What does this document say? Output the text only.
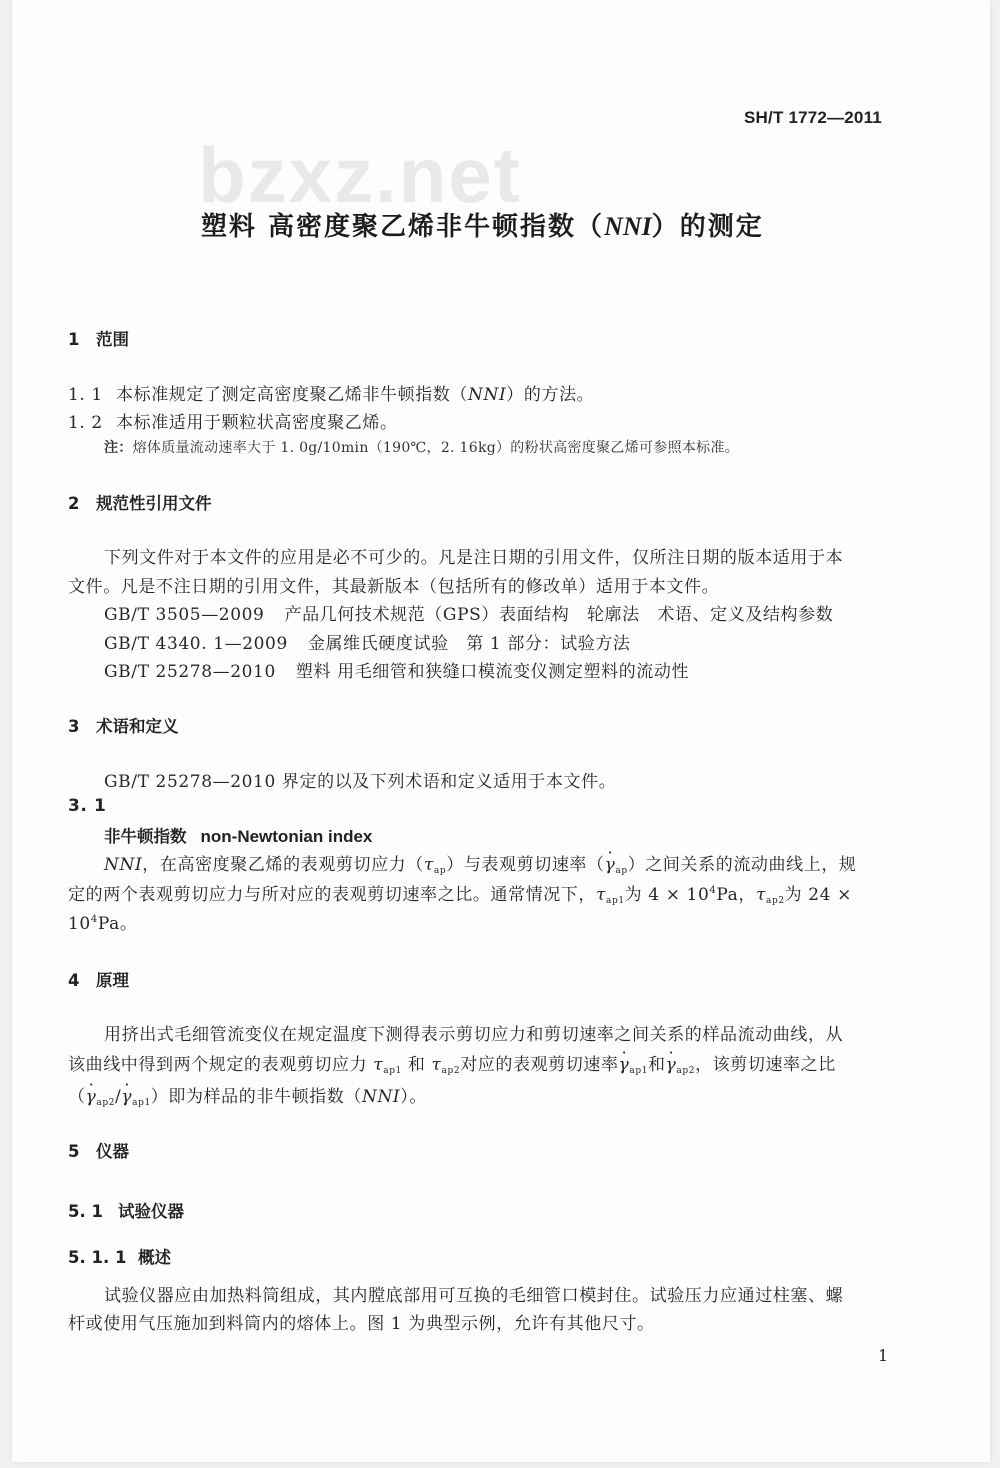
SH/T 1772—2011
bzxz.net
塑料 高密度聚乙烯非牛顿指数（NNI）的测定
1 范围
1. 1 本标准规定了测定高密度聚乙烯非牛顿指数（NNI）的方法。
1. 2 本标准适用于颗粒状高密度聚乙烯。
注：熔体质量流动速率大于 1. 0g/10min（190℃，2. 16kg）的粉状高密度聚乙烯可参照本标准。
2 规范性引用文件
下列文件对于本文件的应用是必不可少的。凡是注日期的引用文件，仅所注日期的版本适用于本
文件。凡是不注日期的引用文件，其最新版本（包括所有的修改单）适用于本文件。
GB/T 3505—2009 产品几何技术规范（GPS）表面结构　轮廓法　术语、定义及结构参数
GB/T 4340. 1—2009 金属维氏硬度试验　第 1 部分：试验方法
GB/T 25278—2010 塑料 用毛细管和狭缝口模流变仪测定塑料的流动性
3 术语和定义
GB/T 25278—2010 界定的以及下列术语和定义适用于本文件。
3. 1
非牛顿指数 non-Newtonian index
NNI，在高密度聚乙烯的表观剪切应力$(\tau_{ap})$与表观剪切速率（· $\gamma_{ap}$）之间关系的流动曲线上，规
定的两个表观剪切应力与所对应的表观剪切速率之比。通常情况下，$\tau_{ap1}$为 $4 \times 10^4Pa$，$\tau_{ap2}$为 24 ×
$10^4Pa$。
4 原理
用挤出式毛细管流变仪在规定温度下测得表示剪切应力和剪切速率之间关系的样品流动曲线，从
该曲线中得到两个规定的表观剪切应力 $\tau_{ap1}$ 和 $\tau_{ap2}$对应的表观剪切速率· $\gamma_{ap1}$和· $\gamma_{ap2}$，该剪切速率之比
（· $\gamma_{ap2}/\cdot \gamma_{ap1}$）即为样品的非牛顿指数（NNI）。
5 仪器
5. 1 试验仪器
5. 1. 1 概述
试验仪器应由加热料筒组成，其内膛底部用可互换的毛细管口模封住。试验压力应通过柱塞、螺
杆或使用气压施加到料筒内的熔体上。图 1 为典型示例，允许有其他尺寸。
1
